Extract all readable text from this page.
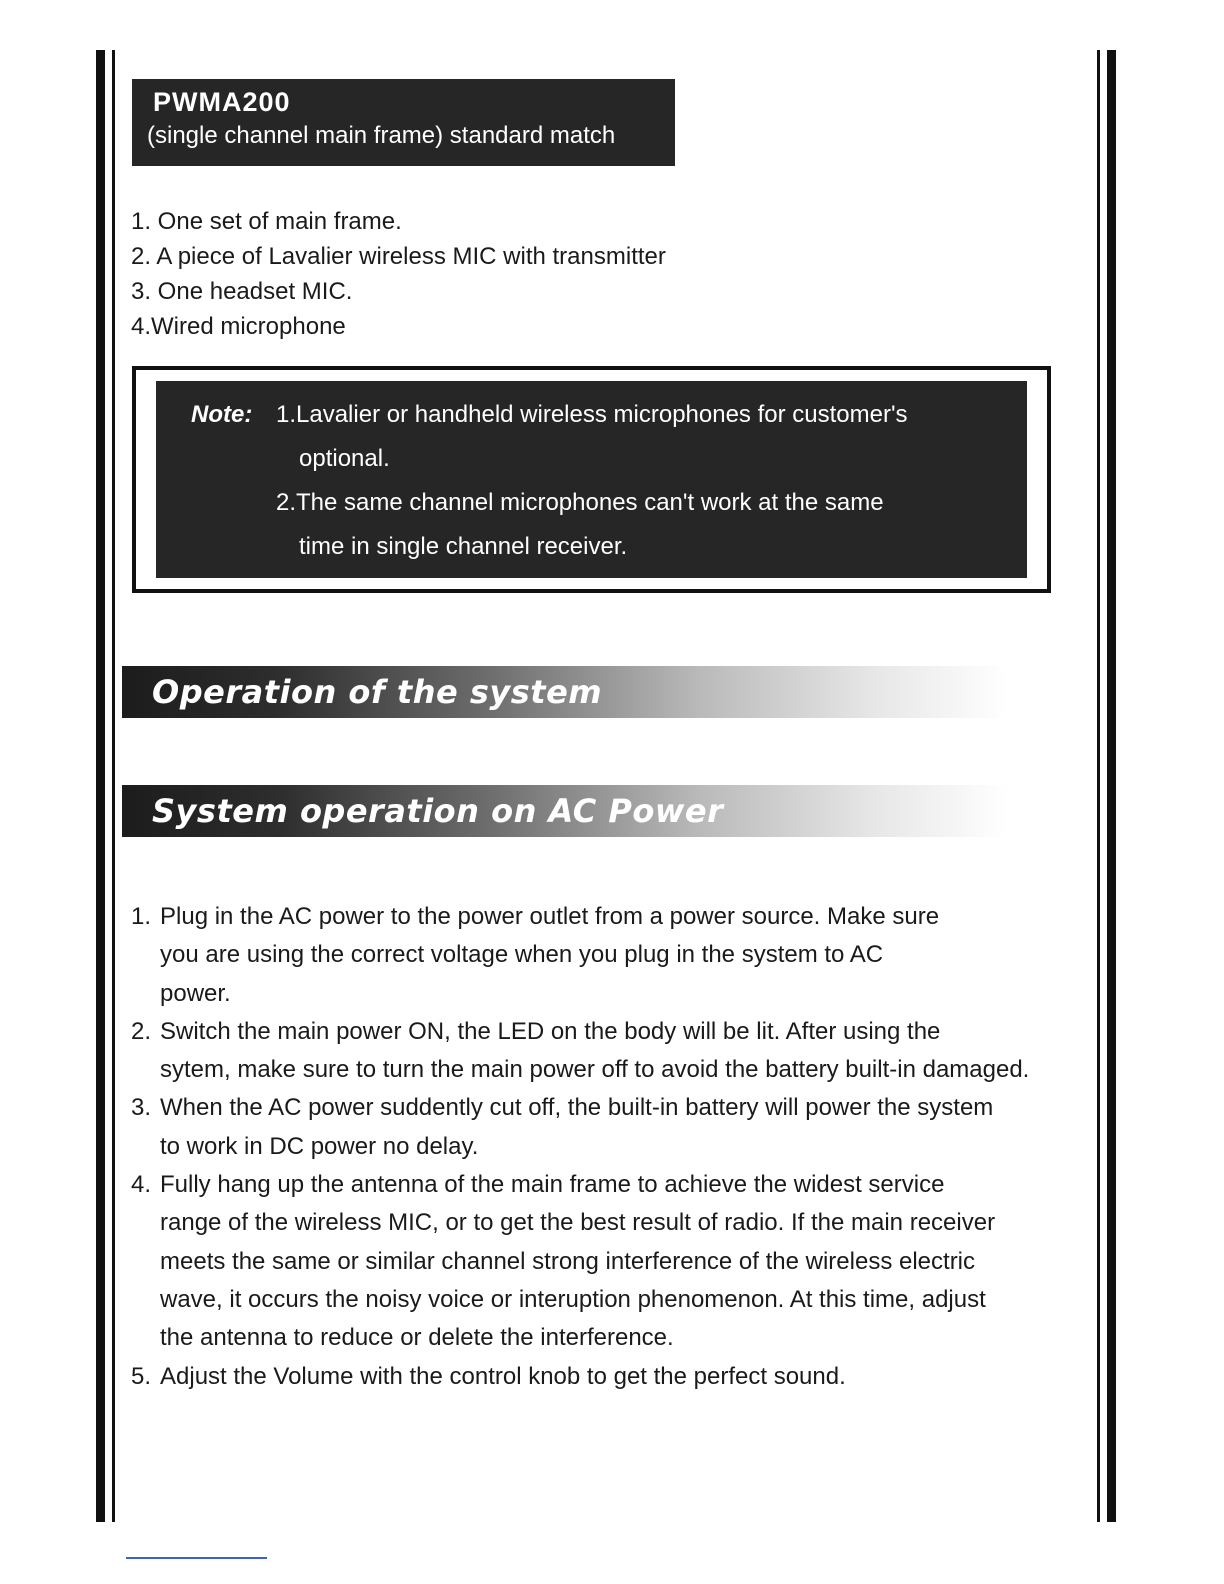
PWMA200
(single channel main frame) standard match
1. One set of main frame.
2. A piece of Lavalier wireless MIC with transmitter
3. One headset MIC.
4.Wired microphone
Note: 1.Lavalier or handheld wireless microphones for customer's
optional.
2.The same channel microphones can't work at the same
time in single channel receiver.
Operation of the system
System operation on AC Power
1. Plug in the AC power to the power outlet from a power source. Make sure
you are using the correct voltage when you plug in the system to AC
power.
2. Switch the main power ON, the LED on the body will be lit. After using the
sytem, make sure to turn the main power off to avoid the battery built-in damaged.
3. When the AC power suddently cut off, the built-in battery will power the system
to work in DC power no delay.
4. Fully hang up the antenna of the main frame to achieve the widest service
range of the wireless MIC, or to get the best result of radio. If the main receiver
meets the same or similar channel strong interference of the wireless electric
wave, it occurs the noisy voice or interuption phenomenon. At this time, adjust
the antenna to reduce or delete the interference.
5. Adjust the Volume with the control knob to get the perfect sound.
